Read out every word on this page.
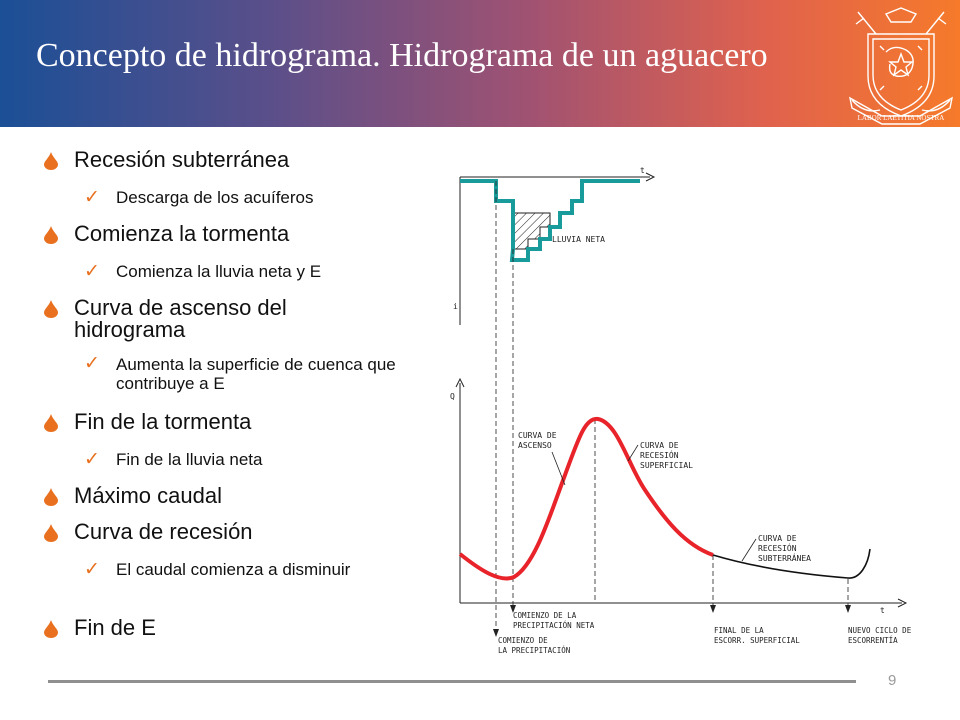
Concepto de hidrograma. Hidrograma de un aguacero
LABOR LAETITIA NOSTRA
Recesión subterránea
✓ Descarga de los acuíferos
Comienza la tormenta
✓ Comienza la lluvia neta y E
Curva de ascenso del hidrograma
✓ Aumenta la superficie de cuenca que contribuye a E
Fin de la tormenta
✓ Fin de la lluvia neta
Máximo caudal
Curva de recesión
✓ El caudal comienza a disminuir
Fin de E
t
i
LLUVIA NETA
Q
t
CURVA DE
ASCENSO	CURVA DE
RECESIÓN
SUPERFICIAL
CURVA DE
RECESIÓN
SUBTERRÁNEA
COMIENZO DE LA
PRECIPITACIÓN NETA
COMIENZO DE
LA PRECIPITACIÓN
FINAL DE LA
ESCORR. SUPERFICIAL
NUEVO CICLO DE
ESCORRENTÍA
9
